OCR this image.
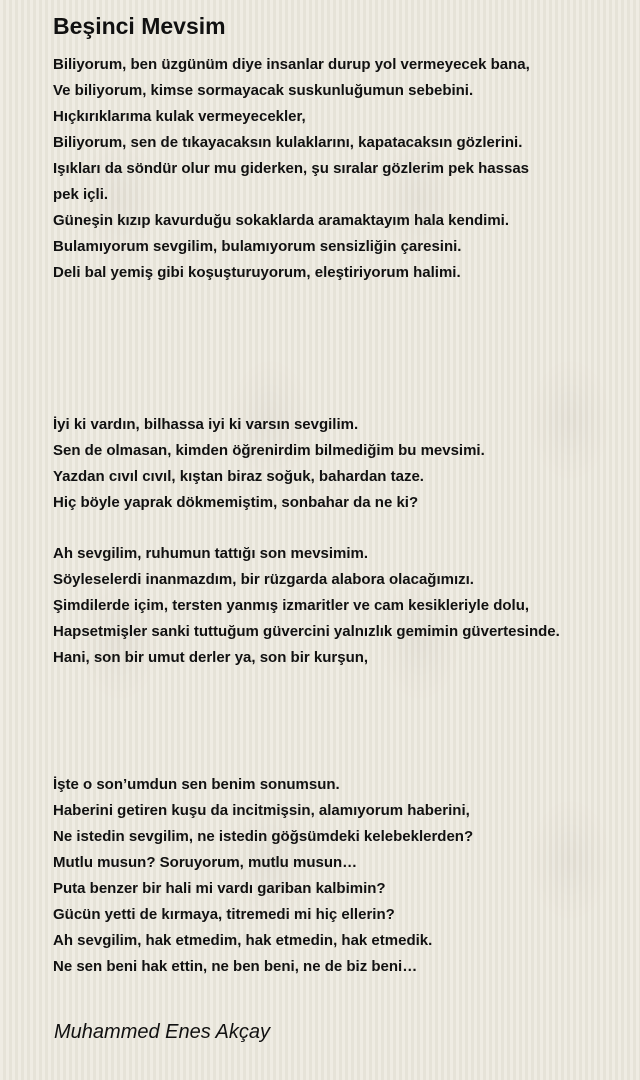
Beşinci Mevsim
Biliyorum, ben üzgünüm diye insanlar durup yol vermeyecek bana,
Ve biliyorum, kimse sormayacak suskunluğumun sebebini.
Hıçkırıklarıma kulak vermeyecekler,
Biliyorum, sen de tıkayacaksın kulaklarını, kapatacaksın gözlerini.
Işıkları da söndür olur mu giderken, şu sıralar gözlerim pek hassas
pek içli.
Güneşin kızıp kavurduğu sokaklarda aramaktayım hala kendimi.
Bulamıyorum sevgilim, bulamıyorum sensizliğin çaresini.
Deli bal yemiş gibi koşuşturuyorum, eleştiriyorum halimi.
İyi ki vardın, bilhassa iyi ki varsın sevgilim.
Sen de olmasan, kimden öğrenirdim bilmediğim bu mevsimi.
Yazdan cıvıl cıvıl, kıştan biraz soğuk, bahardan taze.
Hiç böyle yaprak dökmemiştim, sonbahar da ne ki?
Ah sevgilim, ruhumun tattığı son mevsimim.
Söyleselerdi inanmazdım, bir rüzgarda alabora olacağımızı.
Şimdilerde içim, tersten yanmış izmaritler ve cam kesikleriyle dolu,
Hapsetmişler sanki tuttuğum güvercini yalnızlık gemimin güvertesinde.
Hani, son bir umut derler ya, son bir kurşun,
İşte o son’umdun sen benim sonumsun.
Haberini getiren kuşu da incitmişsin, alamıyorum haberini,
Ne istedin sevgilim, ne istedin göğsümdeki kelebeklerden?
Mutlu musun? Soruyorum, mutlu musun…
Puta benzer bir hali mi vardı gariban kalbimin?
Gücün yetti de kırmaya, titremedi mi hiç ellerin?
Ah sevgilim, hak etmedim, hak etmedin, hak etmedik.
Ne sen beni hak ettin, ne ben beni, ne de biz beni…

Muhammed Enes Akçay
